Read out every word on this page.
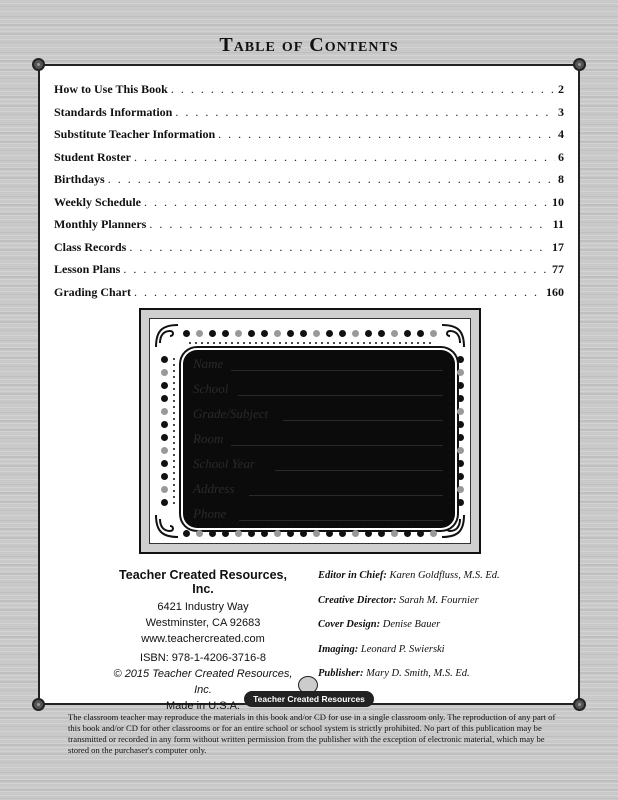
Table of Contents
How to Use This Book . . .	2
Standards Information . . .	3
Substitute Teacher Information . . .	4
Student Roster . . .	6
Birthdays . . .	8
Weekly Schedule . . .	10
Monthly Planners . . .	11
Class Records . . .	17
Lesson Plans . . .	77
Grading Chart . . .	160
Name
School
Grade/Subject
Room
School Year
Address
Phone
Teacher Created Resources, Inc.
6421 Industry Way
Westminster, CA 92683
www.teachercreated.com
ISBN: 978-1-4206-3716-8
© 2015 Teacher Created Resources, Inc.
Made in U.S.A.
Editor in Chief: Karen Goldfluss, M.S. Ed.
Creative Director: Sarah M. Fournier
Cover Design: Denise Bauer
Imaging: Leonard P. Swierski
Publisher: Mary D. Smith, M.S. Ed.
Teacher Created Resources
The classroom teacher may reproduce the materials in this book and/or CD for use in a single classroom only. The reproduction of any part of this book and/or CD for other classrooms or for an entire school or school system is strictly prohibited. No part of this publication may be transmitted or recorded in any form without written permission from the publisher with the exception of electronic material, which may be stored on the purchaser's computer only.
